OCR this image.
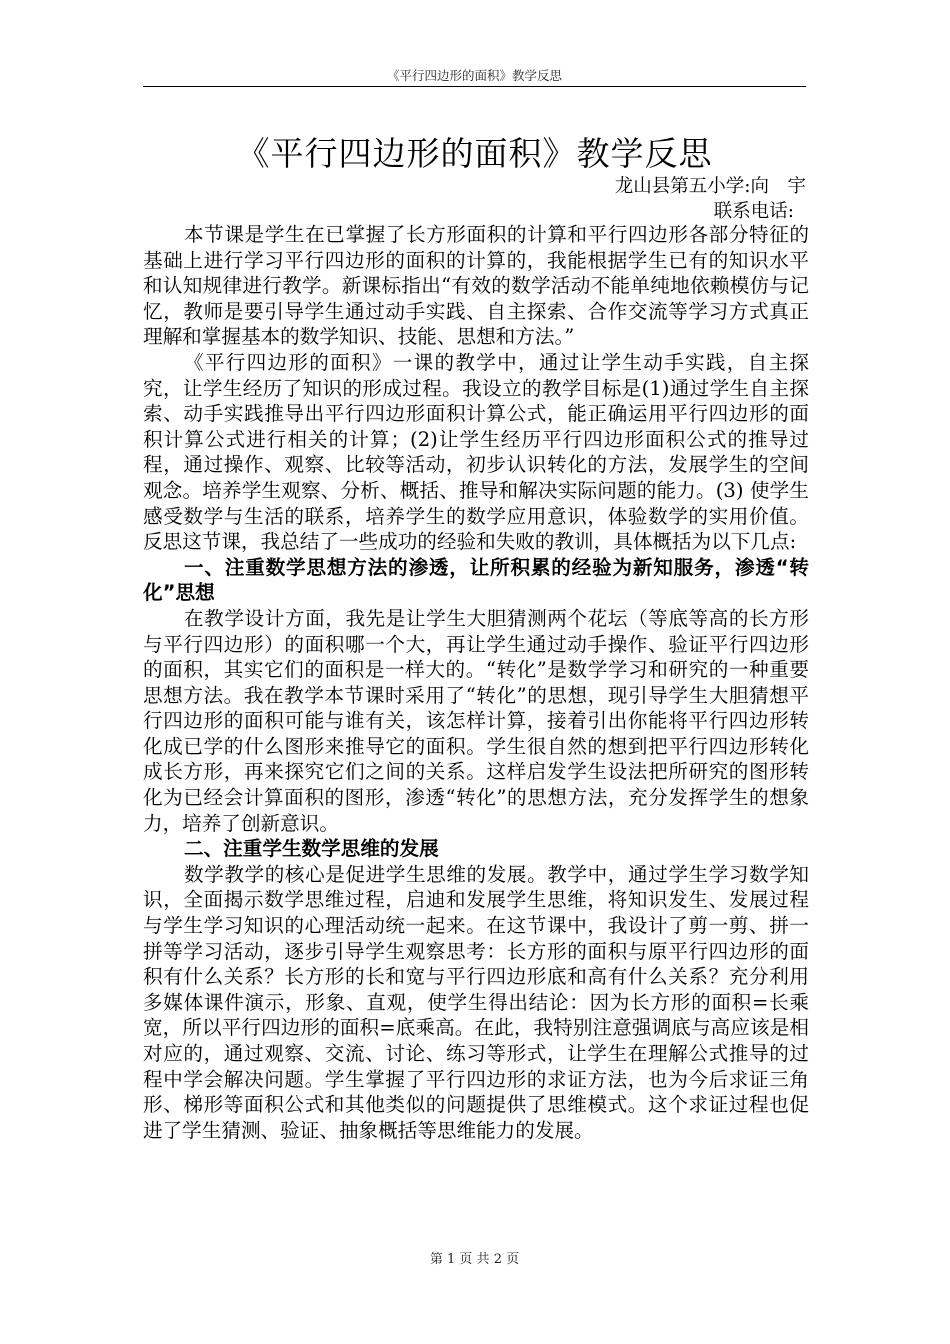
《平行四边形的面积》教学反思
《平行四边形的面积》教学反思
龙山县第五小学:向　宇
联系电话:

本节课是学生在已掌握了长方形面积的计算和平行四边形各部分特征的基础上进行学习平行四边形的面积的计算的，我能根据学生已有的知识水平和认知规律进行教学。新课标指出“有效的数学活动不能单纯地依赖模仿与记忆，教师是要引导学生通过动手实践、自主探索、合作交流等学习方式真正理解和掌握基本的数学知识、技能、思想和方法。”

《平行四边形的面积》一课的教学中，通过让学生动手实践，自主探究，让学生经历了知识的形成过程。我设立的教学目标是(1)通过学生自主探索、动手实践推导出平行四边形面积计算公式，能正确运用平行四边形的面积计算公式进行相关的计算；(2)让学生经历平行四边形面积公式的推导过程，通过操作、观察、比较等活动，初步认识转化的方法，发展学生的空间观念。培养学生观察、分析、概括、推导和解决实际问题的能力。(3) 使学生感受数学与生活的联系，培养学生的数学应用意识，体验数学的实用价值。反思这节课，我总结了一些成功的经验和失败的教训，具体概括为以下几点:

一、注重数学思想方法的渗透，让所积累的经验为新知服务，渗透“转化”思想

在教学设计方面，我先是让学生大胆猜测两个花坛（等底等高的长方形与平行四边形）的面积哪一个大，再让学生通过动手操作、验证平行四边形的面积，其实它们的面积是一样大的。“转化”是数学学习和研究的一种重要思想方法。我在教学本节课时采用了“转化”的思想，现引导学生大胆猜想平行四边形的面积可能与谁有关，该怎样计算，接着引出你能将平行四边形转化成已学的什么图形来推导它的面积。学生很自然的想到把平行四边形转化成长方形，再来探究它们之间的关系。这样启发学生设法把所研究的图形转化为已经会计算面积的图形，渗透“转化”的思想方法，充分发挥学生的想象力，培养了创新意识。

二、注重学生数学思维的发展

数学教学的核心是促进学生思维的发展。教学中，通过学生学习数学知识，全面揭示数学思维过程，启迪和发展学生思维，将知识发生、发展过程与学生学习知识的心理活动统一起来。在这节课中，我设计了剪一剪、拼一拼等学习活动，逐步引导学生观察思考：长方形的面积与原平行四边形的面积有什么关系？长方形的长和宽与平行四边形底和高有什么关系？充分利用多媒体课件演示，形象、直观，使学生得出结论：因为长方形的面积=长乘宽，所以平行四边形的面积=底乘高。在此，我特别注意强调底与高应该是相对应的，通过观察、交流、讨论、练习等形式，让学生在理解公式推导的过程中学会解决问题。学生掌握了平行四边形的求证方法，也为今后求证三角形、梯形等面积公式和其他类似的问题提供了思维模式。这个求证过程也促进了学生猜测、验证、抽象概括等思维能力的发展。

第 1 页 共 2 页
